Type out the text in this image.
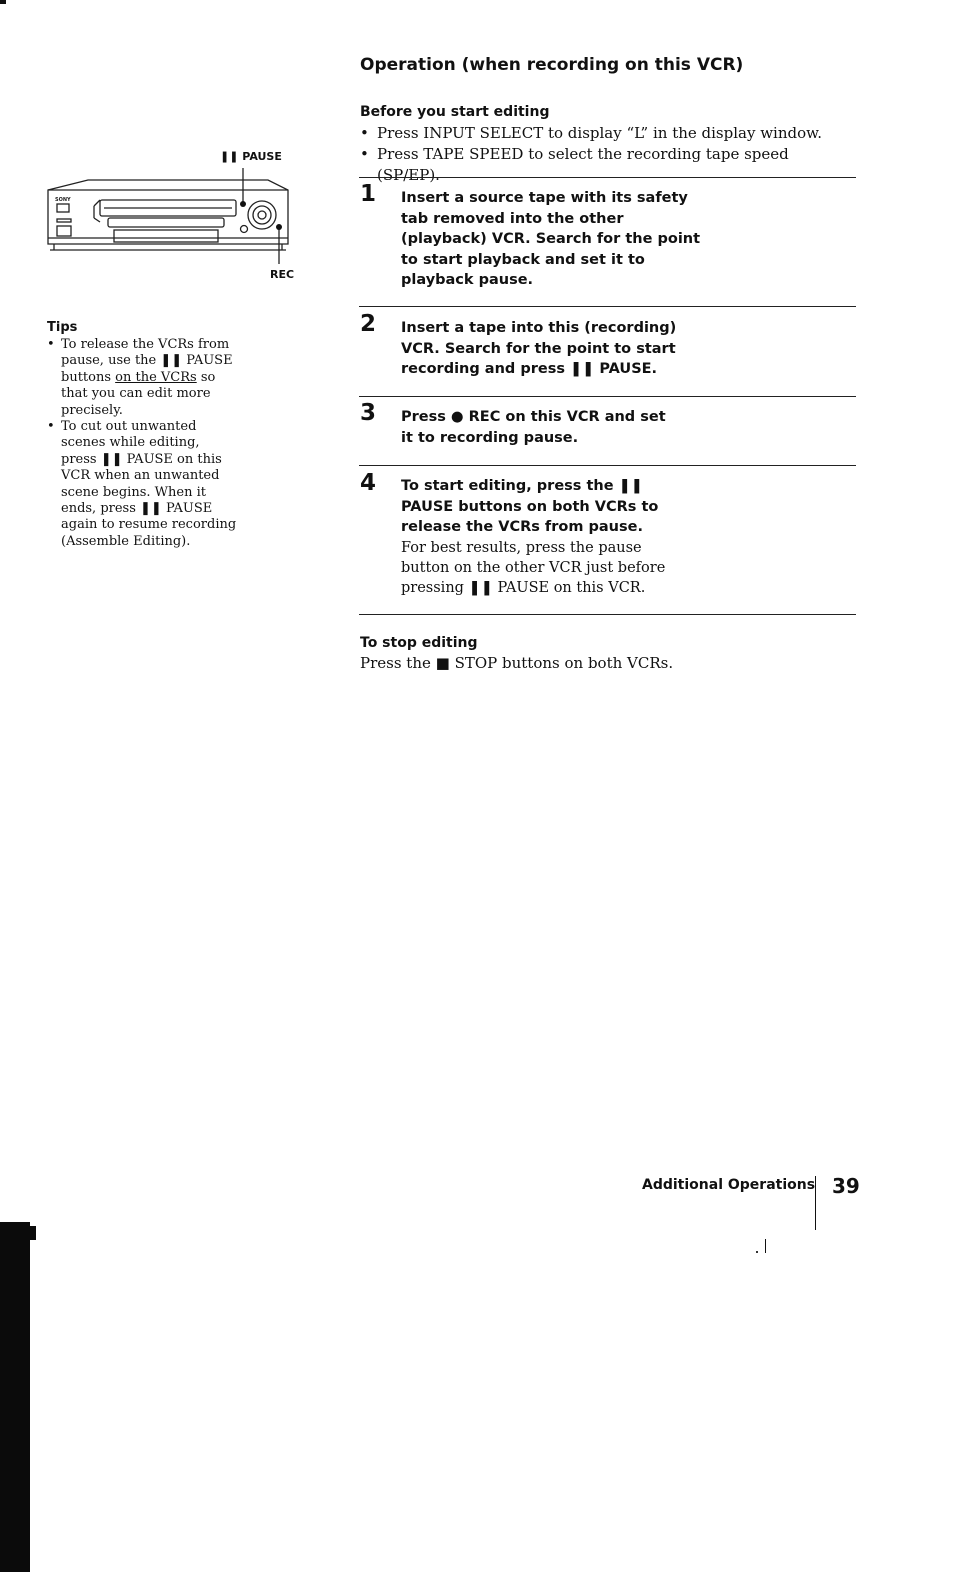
Operation (when recording on this VCR)
Before you start editing
• Press INPUT SELECT to display “L” in the display window.
• Press TAPE SPEED to select the recording tape speed (SP/EP).
1 Insert a source tape with its safety tab removed into the other (playback) VCR. Search for the point to start playback and set it to playback pause.
2 Insert a tape into this (recording) VCR. Search for the point to start recording and press ❚❚ PAUSE.
3 Press ● REC on this VCR and set it to recording pause.
4 To start editing, press the ❚❚ PAUSE buttons on both VCRs to release the VCRs from pause.
For best results, press the pause button on the other VCR just before pressing ❚❚ PAUSE on this VCR.
To stop editing
Press the ■ STOP buttons on both VCRs.
❚❚ PAUSE
SONY
REC
Tips
• To release the VCRs from pause, use the ❚❚ PAUSE buttons on the VCRs so that you can edit more precisely.
• To cut out unwanted scenes while editing, press ❚❚ PAUSE on this VCR when an unwanted scene begins. When it ends, press ❚❚ PAUSE again to resume recording (Assemble Editing).
Additional Operations 39
